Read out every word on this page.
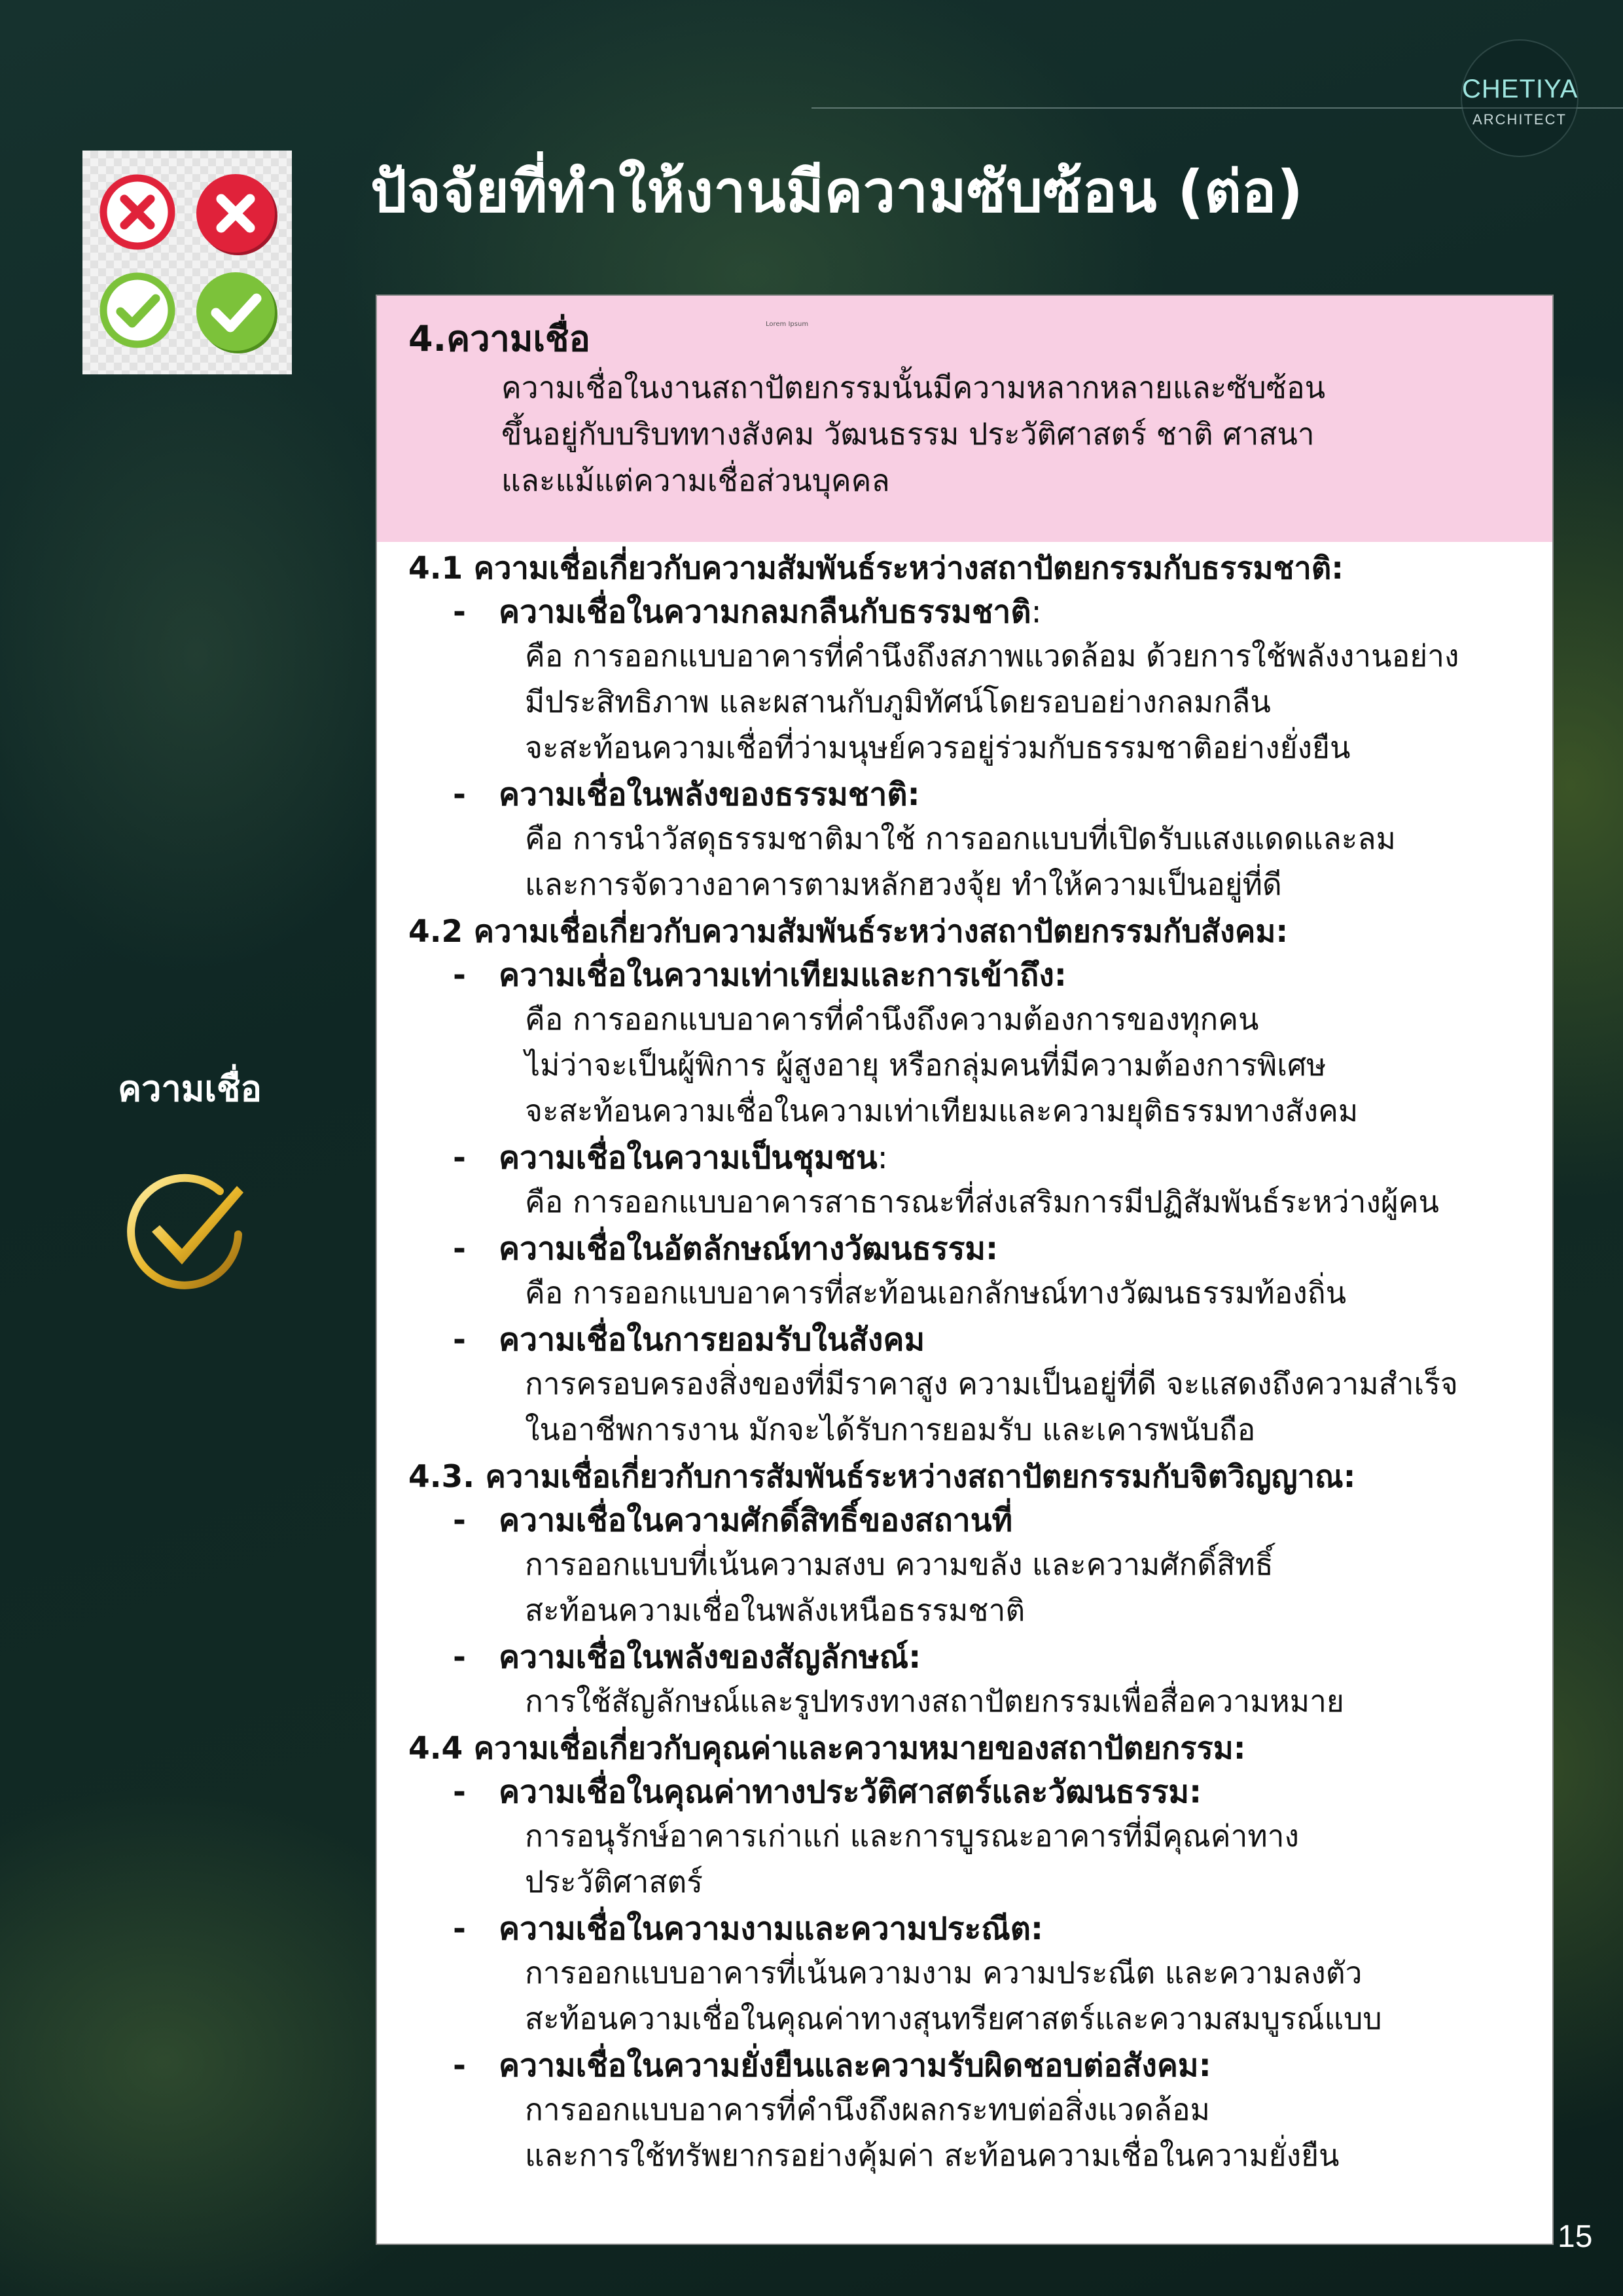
CHETIYA
ARCHITECT
ปัจจัยที่ทำให้งานมีความซับซ้อน (ต่อ)
ความเชื่อ
Lorem Ipsum
4.ความเชื่อ
ความเชื่อในงานสถาปัตยกรรมนั้นมีความหลากหลายและซับซ้อน
ขึ้นอยู่กับบริบททางสังคม วัฒนธรรม ประวัติศาสตร์ ชาติ ศาสนา
และแม้แต่ความเชื่อส่วนบุคคล
4.1 ความเชื่อเกี่ยวกับความสัมพันธ์ระหว่างสถาปัตยกรรมกับธรรมชาติ:
- ความเชื่อในความกลมกลืนกับธรรมชาติ:
คือ การออกแบบอาคารที่คำนึงถึงสภาพแวดล้อม ด้วยการใช้พลังงานอย่าง
มีประสิทธิภาพ และผสานกับภูมิทัศน์โดยรอบอย่างกลมกลืน
จะสะท้อนความเชื่อที่ว่ามนุษย์ควรอยู่ร่วมกับธรรมชาติอย่างยั่งยืน
- ความเชื่อในพลังของธรรมชาติ:
คือ การนำวัสดุธรรมชาติมาใช้ การออกแบบที่เปิดรับแสงแดดและลม
และการจัดวางอาคารตามหลักฮวงจุ้ย ทำให้ความเป็นอยู่ที่ดี
4.2 ความเชื่อเกี่ยวกับความสัมพันธ์ระหว่างสถาปัตยกรรมกับสังคม:
- ความเชื่อในความเท่าเทียมและการเข้าถึง:
คือ การออกแบบอาคารที่คำนึงถึงความต้องการของทุกคน
ไม่ว่าจะเป็นผู้พิการ ผู้สูงอายุ หรือกลุ่มคนที่มีความต้องการพิเศษ
จะสะท้อนความเชื่อในความเท่าเทียมและความยุติธรรมทางสังคม
- ความเชื่อในความเป็นชุมชน:
คือ การออกแบบอาคารสาธารณะที่ส่งเสริมการมีปฏิสัมพันธ์ระหว่างผู้คน
- ความเชื่อในอัตลักษณ์ทางวัฒนธรรม:
คือ การออกแบบอาคารที่สะท้อนเอกลักษณ์ทางวัฒนธรรมท้องถิ่น
- ความเชื่อในการยอมรับในสังคม
การครอบครองสิ่งของที่มีราคาสูง ความเป็นอยู่ที่ดี จะแสดงถึงความสำเร็จ
ในอาชีพการงาน มักจะได้รับการยอมรับ และเคารพนับถือ
4.3. ความเชื่อเกี่ยวกับการสัมพันธ์ระหว่างสถาปัตยกรรมกับจิตวิญญาณ:
- ความเชื่อในความศักดิ์สิทธิ์ของสถานที่
การออกแบบที่เน้นความสงบ ความขลัง และความศักดิ์สิทธิ์
สะท้อนความเชื่อในพลังเหนือธรรมชาติ
- ความเชื่อในพลังของสัญลักษณ์:
การใช้สัญลักษณ์และรูปทรงทางสถาปัตยกรรมเพื่อสื่อความหมาย
4.4 ความเชื่อเกี่ยวกับคุณค่าและความหมายของสถาปัตยกรรม:
- ความเชื่อในคุณค่าทางประวัติศาสตร์และวัฒนธรรม:
การอนุรักษ์อาคารเก่าแก่ และการบูรณะอาคารที่มีคุณค่าทาง
ประวัติศาสตร์
- ความเชื่อในความงามและความประณีต:
การออกแบบอาคารที่เน้นความงาม ความประณีต และความลงตัว
สะท้อนความเชื่อในคุณค่าทางสุนทรียศาสตร์และความสมบูรณ์แบบ
- ความเชื่อในความยั่งยืนและความรับผิดชอบต่อสังคม:
การออกแบบอาคารที่คำนึงถึงผลกระทบต่อสิ่งแวดล้อม
และการใช้ทรัพยากรอย่างคุ้มค่า สะท้อนความเชื่อในความยั่งยืน
15
